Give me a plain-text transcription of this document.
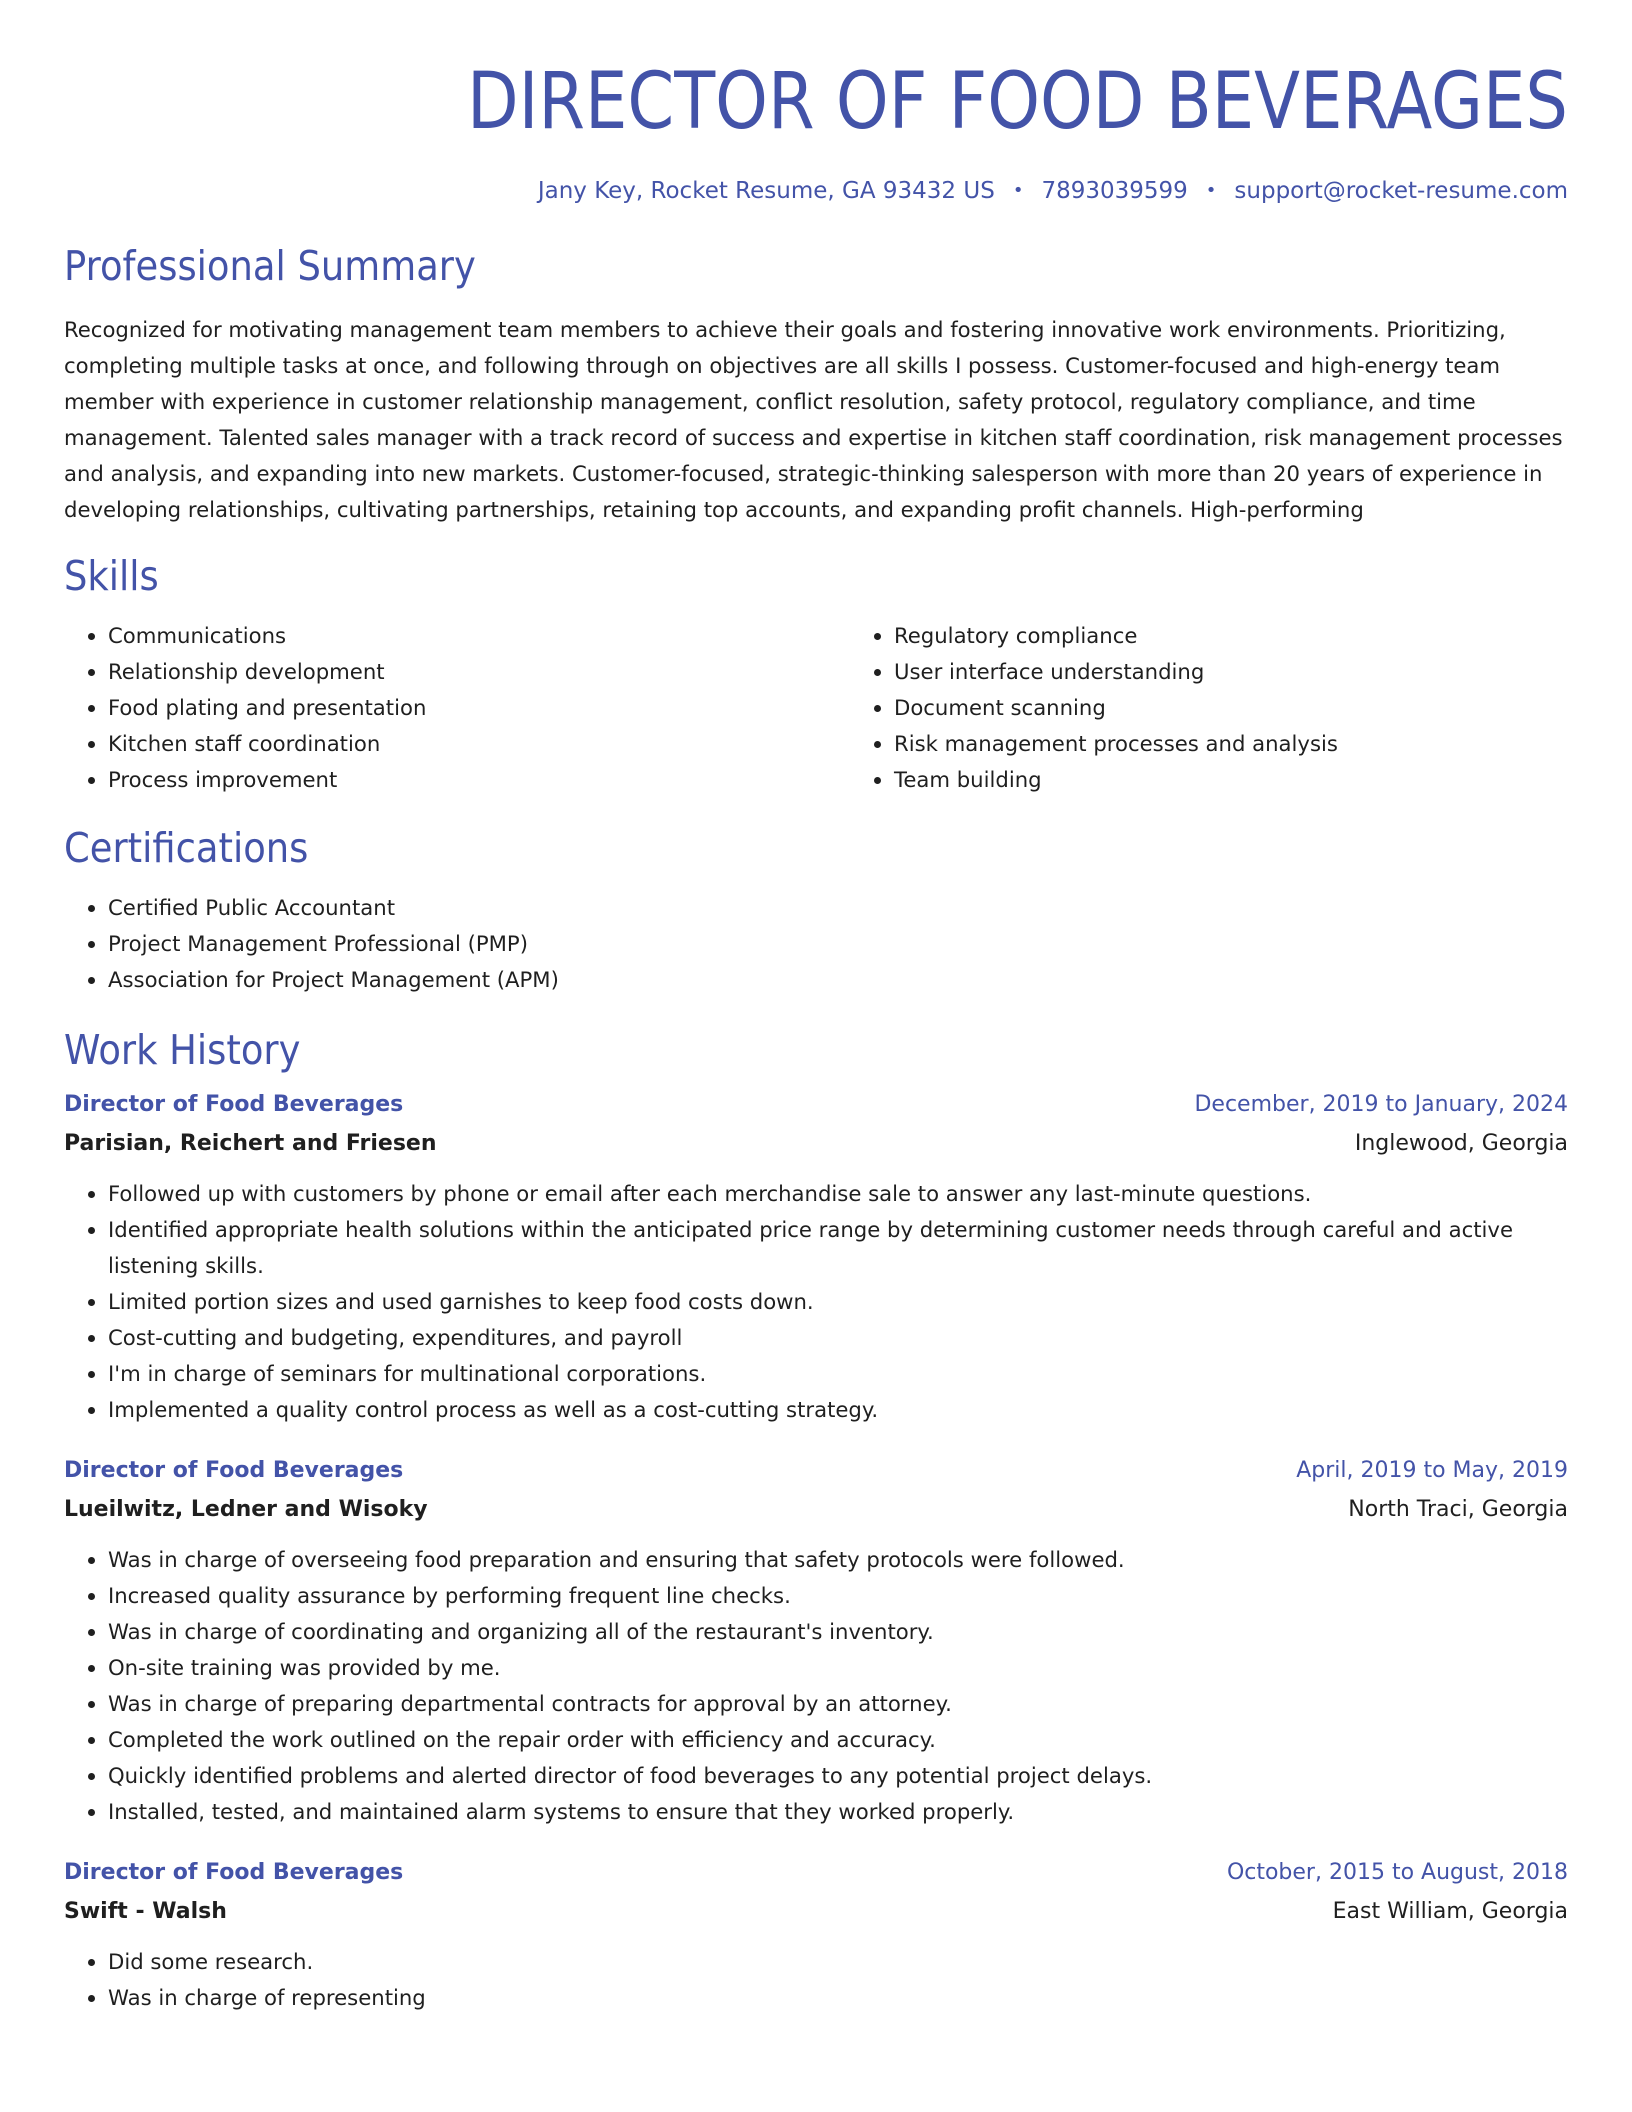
DIRECTOR OF FOOD BEVERAGES
Jany Key, Rocket Resume, GA 93432 US • 7893039599 • support@rocket-resume.com
Professional Summary

Recognized for motivating management team members to achieve their goals and fostering innovative work environments. Prioritizing, completing multiple tasks at once, and following through on objectives are all skills I possess. Customer-focused and high-energy team member with experience in customer relationship management, conflict resolution, safety protocol, regulatory compliance, and time management. Talented sales manager with a track record of success and expertise in kitchen staff coordination, risk management processes and analysis, and expanding into new markets. Customer-focused, strategic-thinking salesperson with more than 20 years of experience in developing relationships, cultivating partnerships, retaining top accounts, and expanding profit channels. High-performing

Skills
• Communications
• Relationship development
• Food plating and presentation
• Kitchen staff coordination
• Process improvement
• Regulatory compliance
• User interface understanding
• Document scanning
• Risk management processes and analysis
• Team building
Certifications
• Certified Public Accountant
• Project Management Professional (PMP)
• Association for Project Management (APM)
Work History
Director of Food Beverages	December, 2019 to January, 2024
Parisian, Reichert and Friesen	Inglewood, Georgia
• Followed up with customers by phone or email after each merchandise sale to answer any last-minute questions.
• Identified appropriate health solutions within the anticipated price range by determining customer needs through careful and active listening skills.
• Limited portion sizes and used garnishes to keep food costs down.
• Cost-cutting and budgeting, expenditures, and payroll
• I'm in charge of seminars for multinational corporations.
• Implemented a quality control process as well as a cost-cutting strategy.
Director of Food Beverages	April, 2019 to May, 2019
Lueilwitz, Ledner and Wisoky	North Traci, Georgia
• Was in charge of overseeing food preparation and ensuring that safety protocols were followed.
• Increased quality assurance by performing frequent line checks.
• Was in charge of coordinating and organizing all of the restaurant's inventory.
• On-site training was provided by me.
• Was in charge of preparing departmental contracts for approval by an attorney.
• Completed the work outlined on the repair order with efficiency and accuracy.
• Quickly identified problems and alerted director of food beverages to any potential project delays.
• Installed, tested, and maintained alarm systems to ensure that they worked properly.
Director of Food Beverages	October, 2015 to August, 2018
Swift - Walsh	East William, Georgia
• Did some research.
• Was in charge of representing
